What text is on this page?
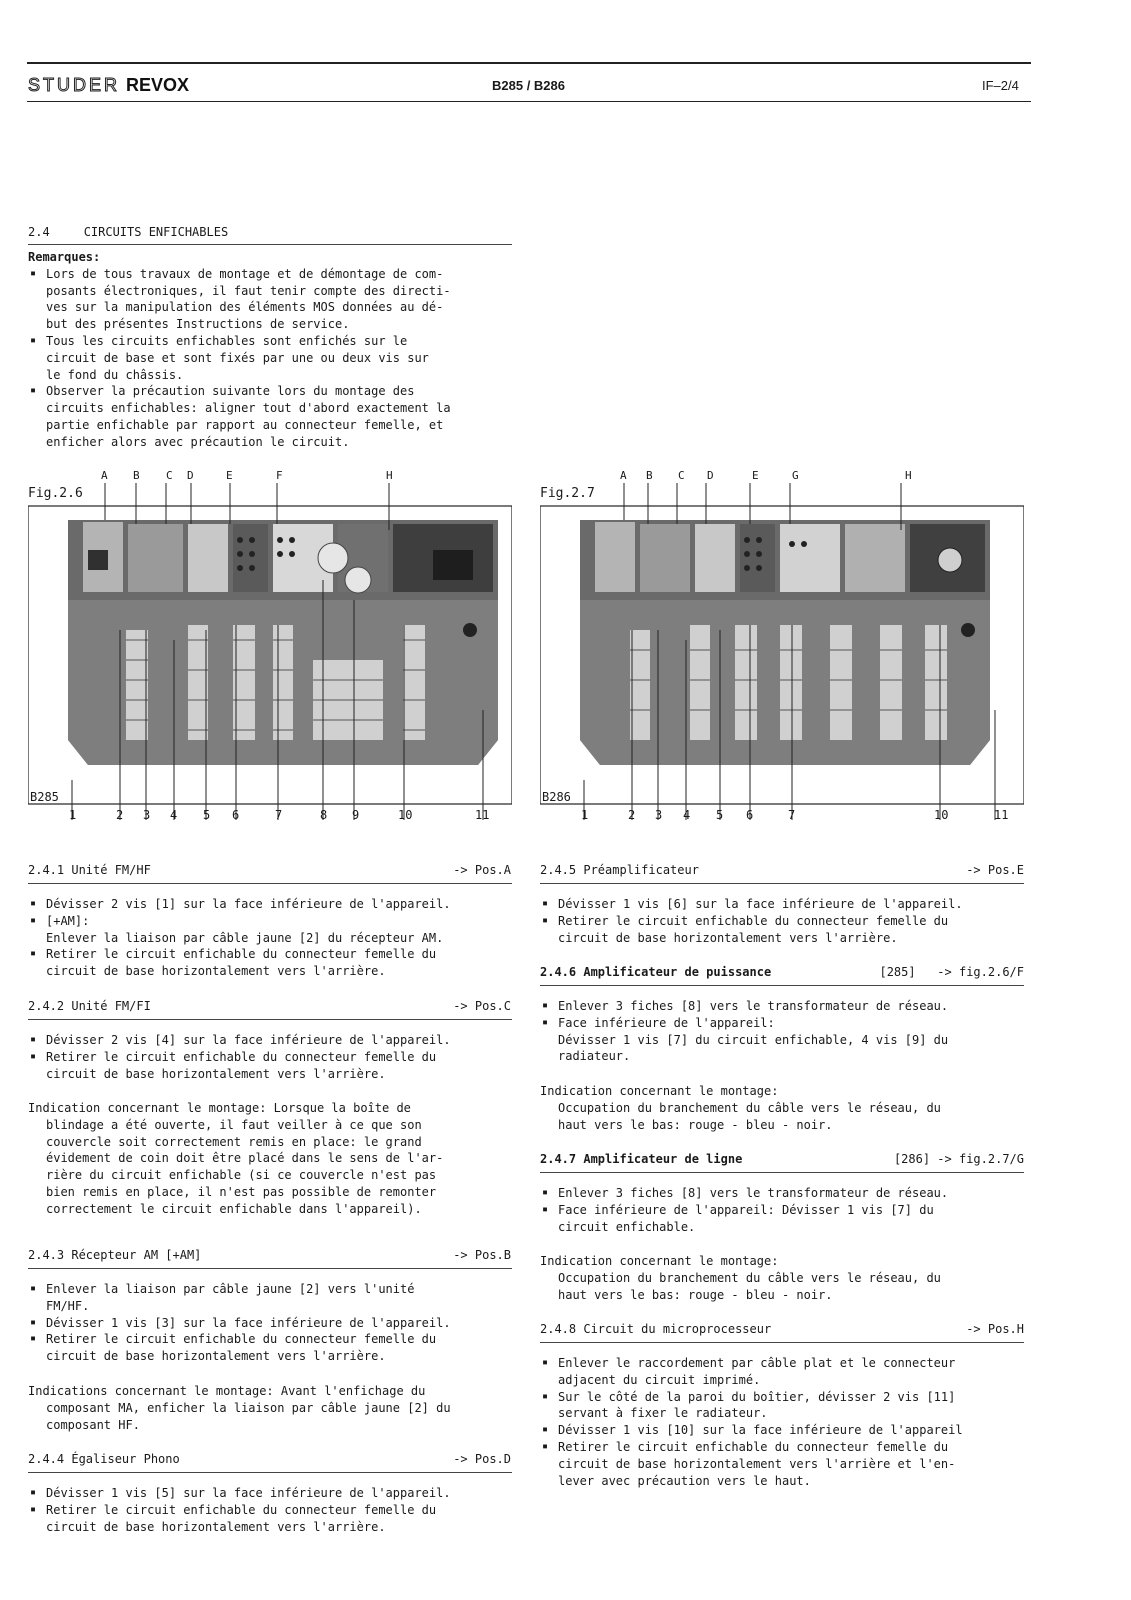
STUDER REVOX	B285 / B286	IF–2/4
2.4	CIRCUITS ENFICHABLES
Remarques:
▪ Lors de tous travaux de montage et de démontage de com-
posants électroniques, il faut tenir compte des directi-
ves sur la manipulation des éléments MOS données au dé-
but des présentes Instructions de service.
▪ Tous les circuits enfichables sont enfichés sur le
circuit de base et sont fixés par une ou deux vis sur
le fond du châssis.
▪ Observer la précaution suivante lors du montage des
circuits enfichables: aligner tout d'abord exactement la
partie enfichable par rapport au connecteur femelle, et
enficher alors avec précaution le circuit.
Fig.2.6
A B C D	E	F	H
B285
1	2 3 4 5 6	7	8 9	10	11
Fig.2.7
A B C D	E	G	H
B286
1	2 3 4 5 6	7	10	11
2.4.1 Unité FM/HF	-> Pos.A
▪ Dévisser 2 vis [1] sur la face inférieure de l'appareil.
▪ [+AM]:
Enlever la liaison par câble jaune [2] du récepteur AM.
▪ Retirer le circuit enfichable du connecteur femelle du
circuit de base horizontalement vers l'arrière.
2.4.2 Unité FM/FI	-> Pos.C
▪ Dévisser 2 vis [4] sur la face inférieure de l'appareil.
▪ Retirer le circuit enfichable du connecteur femelle du
circuit de base horizontalement vers l'arrière.
Indication concernant le montage: Lorsque la boîte de
blindage a été ouverte, il faut veiller à ce que son
couvercle soit correctement remis en place: le grand
évidement de coin doit être placé dans le sens de l'ar-
rière du circuit enfichable (si ce couvercle n'est pas
bien remis en place, il n'est pas possible de remonter
correctement le circuit enfichable dans l'appareil).
2.4.3 Récepteur AM [+AM]	-> Pos.B
▪ Enlever la liaison par câble jaune [2] vers l'unité
FM/HF.
▪ Dévisser 1 vis [3] sur la face inférieure de l'appareil.
▪ Retirer le circuit enfichable du connecteur femelle du
circuit de base horizontalement vers l'arrière.
Indications concernant le montage: Avant l'enfichage du
composant MA, enficher la liaison par câble jaune [2] du
composant HF.
2.4.4 Égaliseur Phono	-> Pos.D
▪ Dévisser 1 vis [5] sur la face inférieure de l'appareil.
▪ Retirer le circuit enfichable du connecteur femelle du
circuit de base horizontalement vers l'arrière.
2.4.5 Préamplificateur	-> Pos.E
▪ Dévisser 1 vis [6] sur la face inférieure de l'appareil.
▪ Retirer le circuit enfichable du connecteur femelle du
circuit de base horizontalement vers l'arrière.
2.4.6 Amplificateur de puissance	[285] -> fig.2.6/F
▪ Enlever 3 fiches [8] vers le transformateur de réseau.
▪ Face inférieure de l'appareil:
Dévisser 1 vis [7] du circuit enfichable, 4 vis [9] du
radiateur.
Indication concernant le montage:
Occupation du branchement du câble vers le réseau, du
haut vers le bas: rouge - bleu - noir.
2.4.7 Amplificateur de ligne	[286] -> fig.2.7/G
▪ Enlever 3 fiches [8] vers le transformateur de réseau.
▪ Face inférieure de l'appareil: Dévisser 1 vis [7] du
circuit enfichable.
Indication concernant le montage:
Occupation du branchement du câble vers le réseau, du
haut vers le bas: rouge - bleu - noir.
2.4.8 Circuit du microprocesseur	-> Pos.H
▪ Enlever le raccordement par câble plat et le connecteur
adjacent du circuit imprimé.
▪ Sur le côté de la paroi du boîtier, dévisser 2 vis [11]
servant à fixer le radiateur.
▪ Dévisser 1 vis [10] sur la face inférieure de l'appareil
▪ Retirer le circuit enfichable du connecteur femelle du
circuit de base horizontalement vers l'arrière et l'en-
lever avec précaution vers le haut.
